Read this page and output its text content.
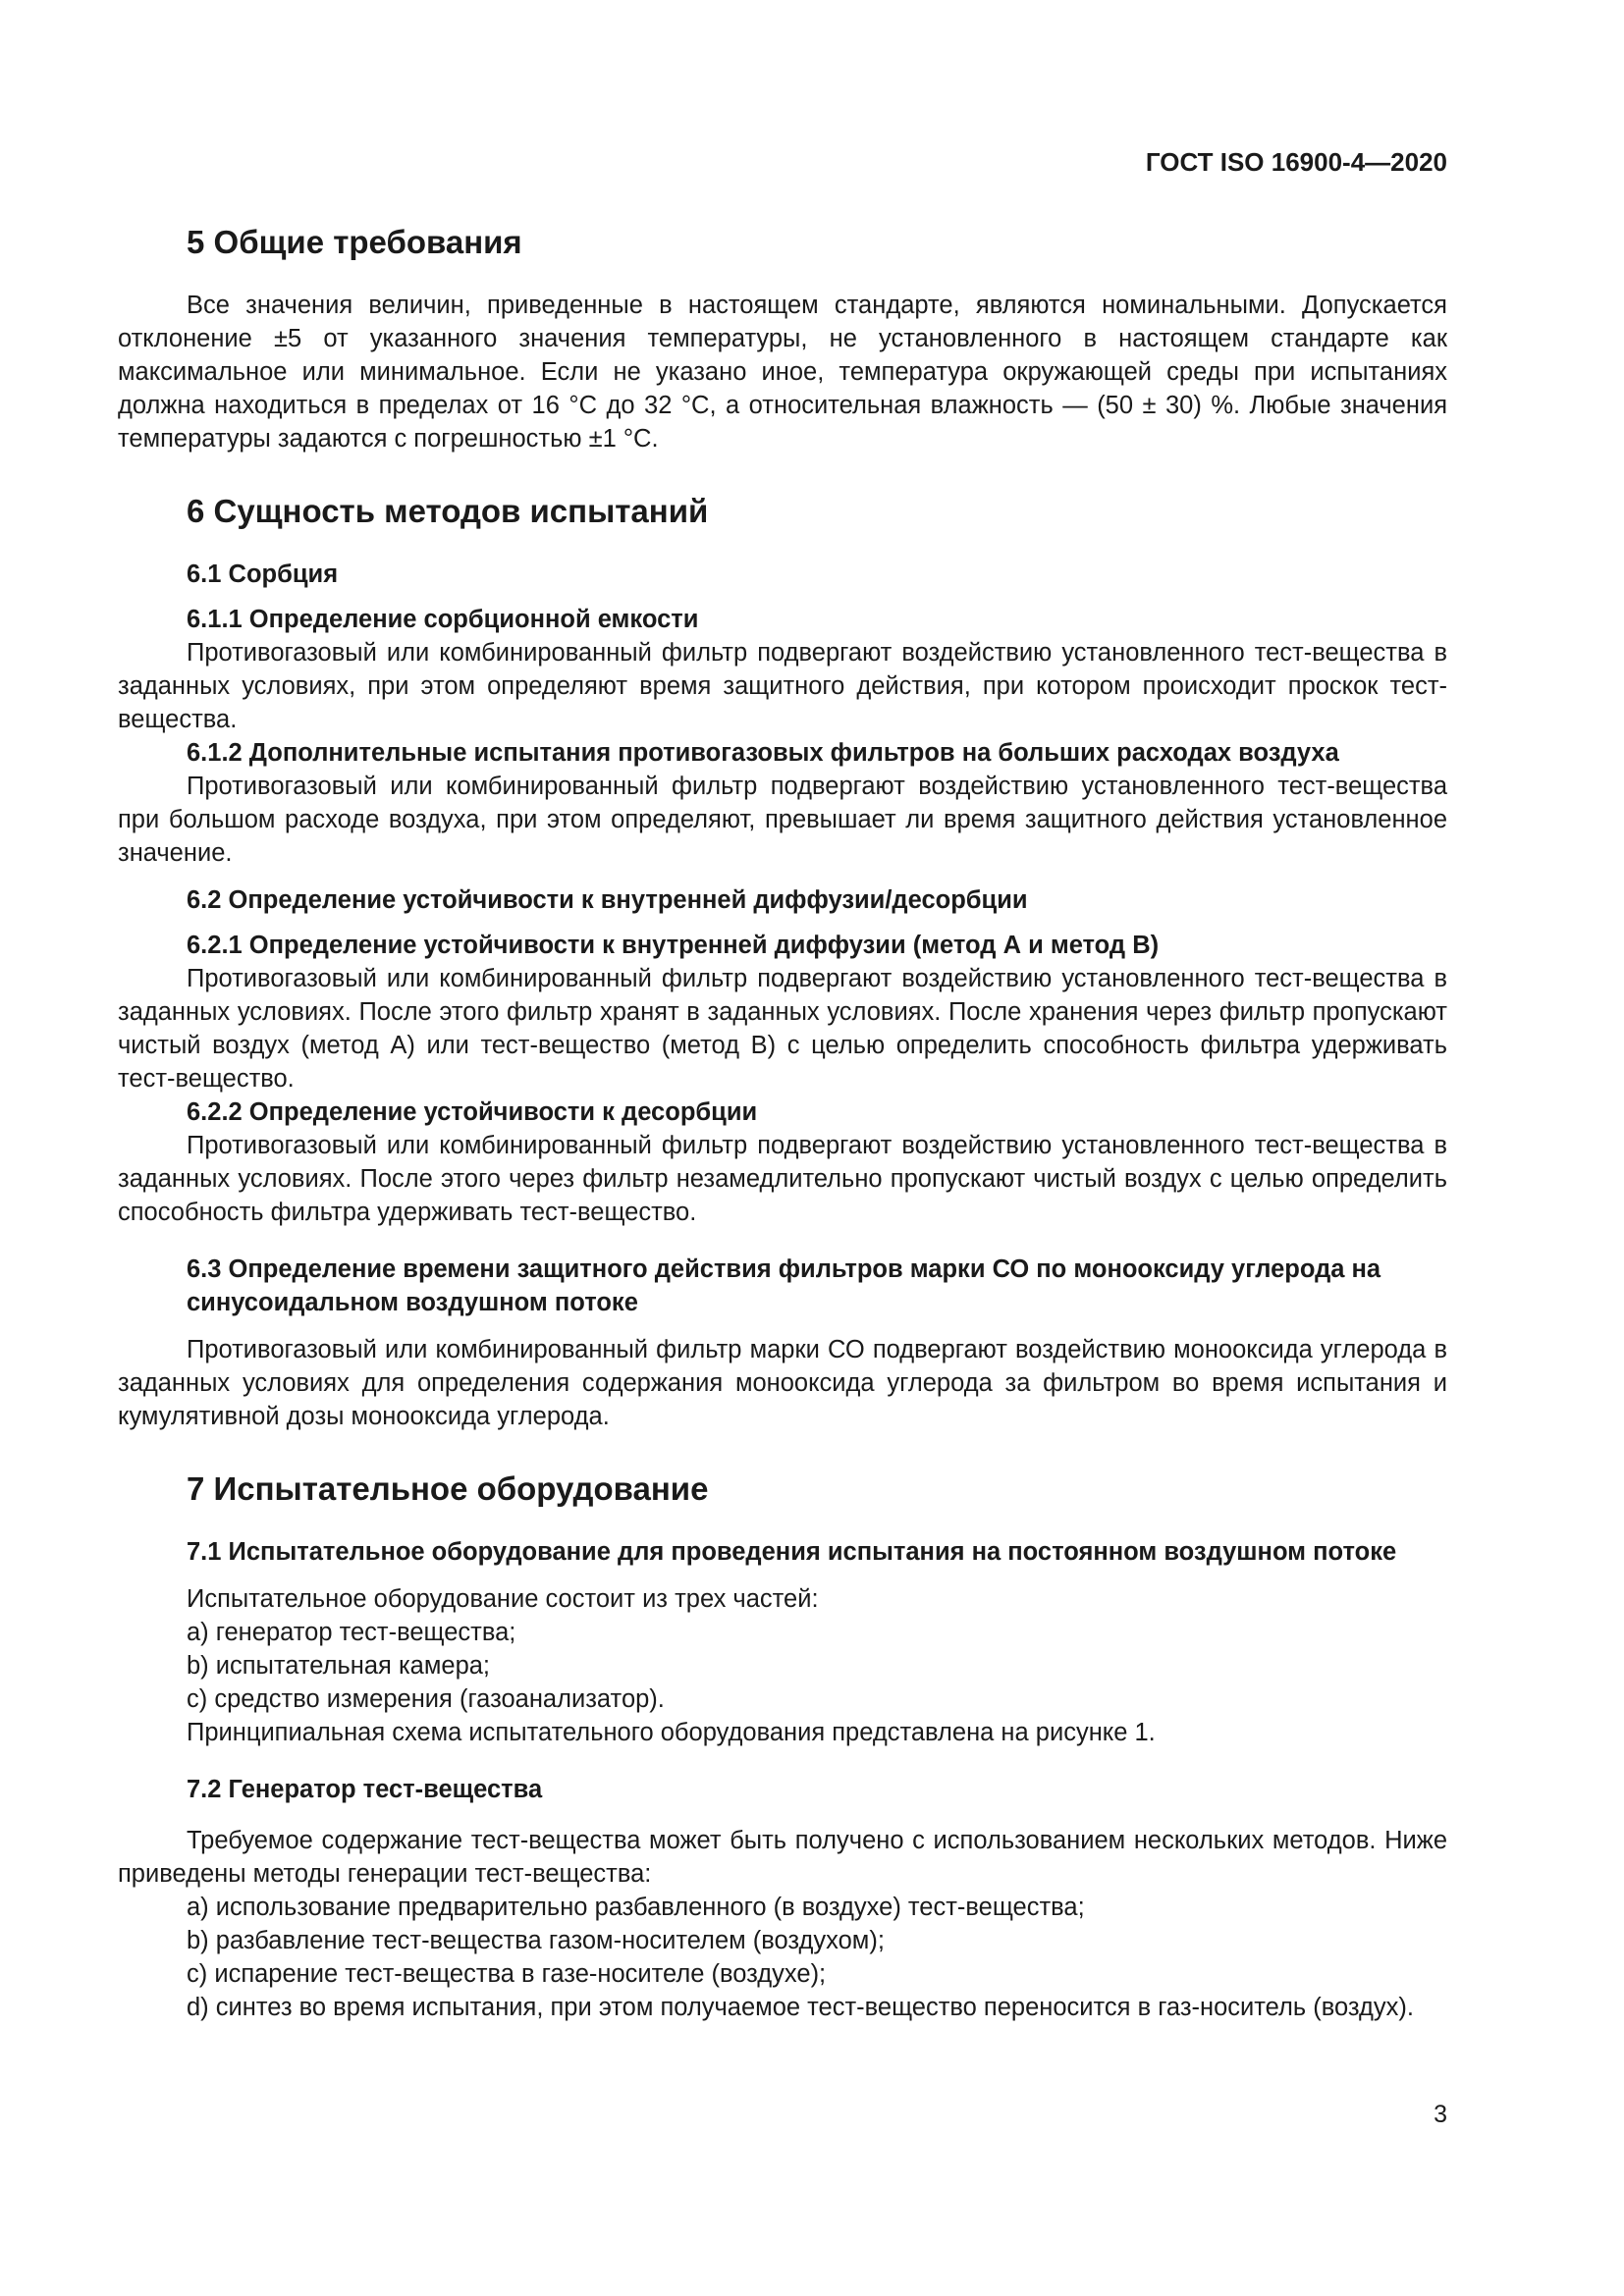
ГОСТ ISO 16900-4—2020
5 Общие требования

Все значения величин, приведенные в настоящем стандарте, являются номинальными. Допускается отклонение ±5 от указанного значения температуры, не установленного в настоящем стандарте как максимальное или минимальное. Если не указано иное, температура окружающей среды при испытаниях должна находиться в пределах от 16 °С до 32 °С, а относительная влажность — (50 ± 30) %. Любые значения температуры задаются с погрешностью ±1 °С.

6 Сущность методов испытаний
6.1 Сорбция
6.1.1 Определение сорбционной емкости

Противогазовый или комбинированный фильтр подвергают воздействию установленного тест-вещества в заданных условиях, при этом определяют время защитного действия, при котором происходит проскок тест-вещества.

6.1.2 Дополнительные испытания противогазовых фильтров на больших расходах воздуха

Противогазовый или комбинированный фильтр подвергают воздействию установленного тест-вещества при большом расходе воздуха, при этом определяют, превышает ли время защитного действия установленное значение.

6.2 Определение устойчивости к внутренней диффузии/десорбции
6.2.1 Определение устойчивости к внутренней диффузии (метод А и метод В)

Противогазовый или комбинированный фильтр подвергают воздействию установленного тест-вещества в заданных условиях. После этого фильтр хранят в заданных условиях. После хранения через фильтр пропускают чистый воздух (метод А) или тест-вещество (метод В) с целью определить способность фильтра удерживать тест-вещество.

6.2.2 Определение устойчивости к десорбции

Противогазовый или комбинированный фильтр подвергают воздействию установленного тест-вещества в заданных условиях. После этого через фильтр незамедлительно пропускают чистый воздух с целью определить способность фильтра удерживать тест-вещество.

6.3 Определение времени защитного действия фильтров марки СО по монооксиду углерода на синусоидальном воздушном потоке

Противогазовый или комбинированный фильтр марки СО подвергают воздействию монооксида углерода в заданных условиях для определения содержания монооксида углерода за фильтром во время испытания и кумулятивной дозы монооксида углерода.

7 Испытательное оборудование
7.1 Испытательное оборудование для проведения испытания на постоянном воздушном потоке

Испытательное оборудование состоит из трех частей:

a) генератор тест-вещества;

b) испытательная камера;

c) средство измерения (газоанализатор).

Принципиальная схема испытательного оборудования представлена на рисунке 1.

7.2 Генератор тест-вещества

Требуемое содержание тест-вещества может быть получено с использованием нескольких методов. Ниже приведены методы генерации тест-вещества:

a) использование предварительно разбавленного (в воздухе) тест-вещества;

b) разбавление тест-вещества газом-носителем (воздухом);

c) испарение тест-вещества в газе-носителе (воздухе);

d) синтез во время испытания, при этом получаемое тест-вещество переносится в газ-носитель (воздух).

3
